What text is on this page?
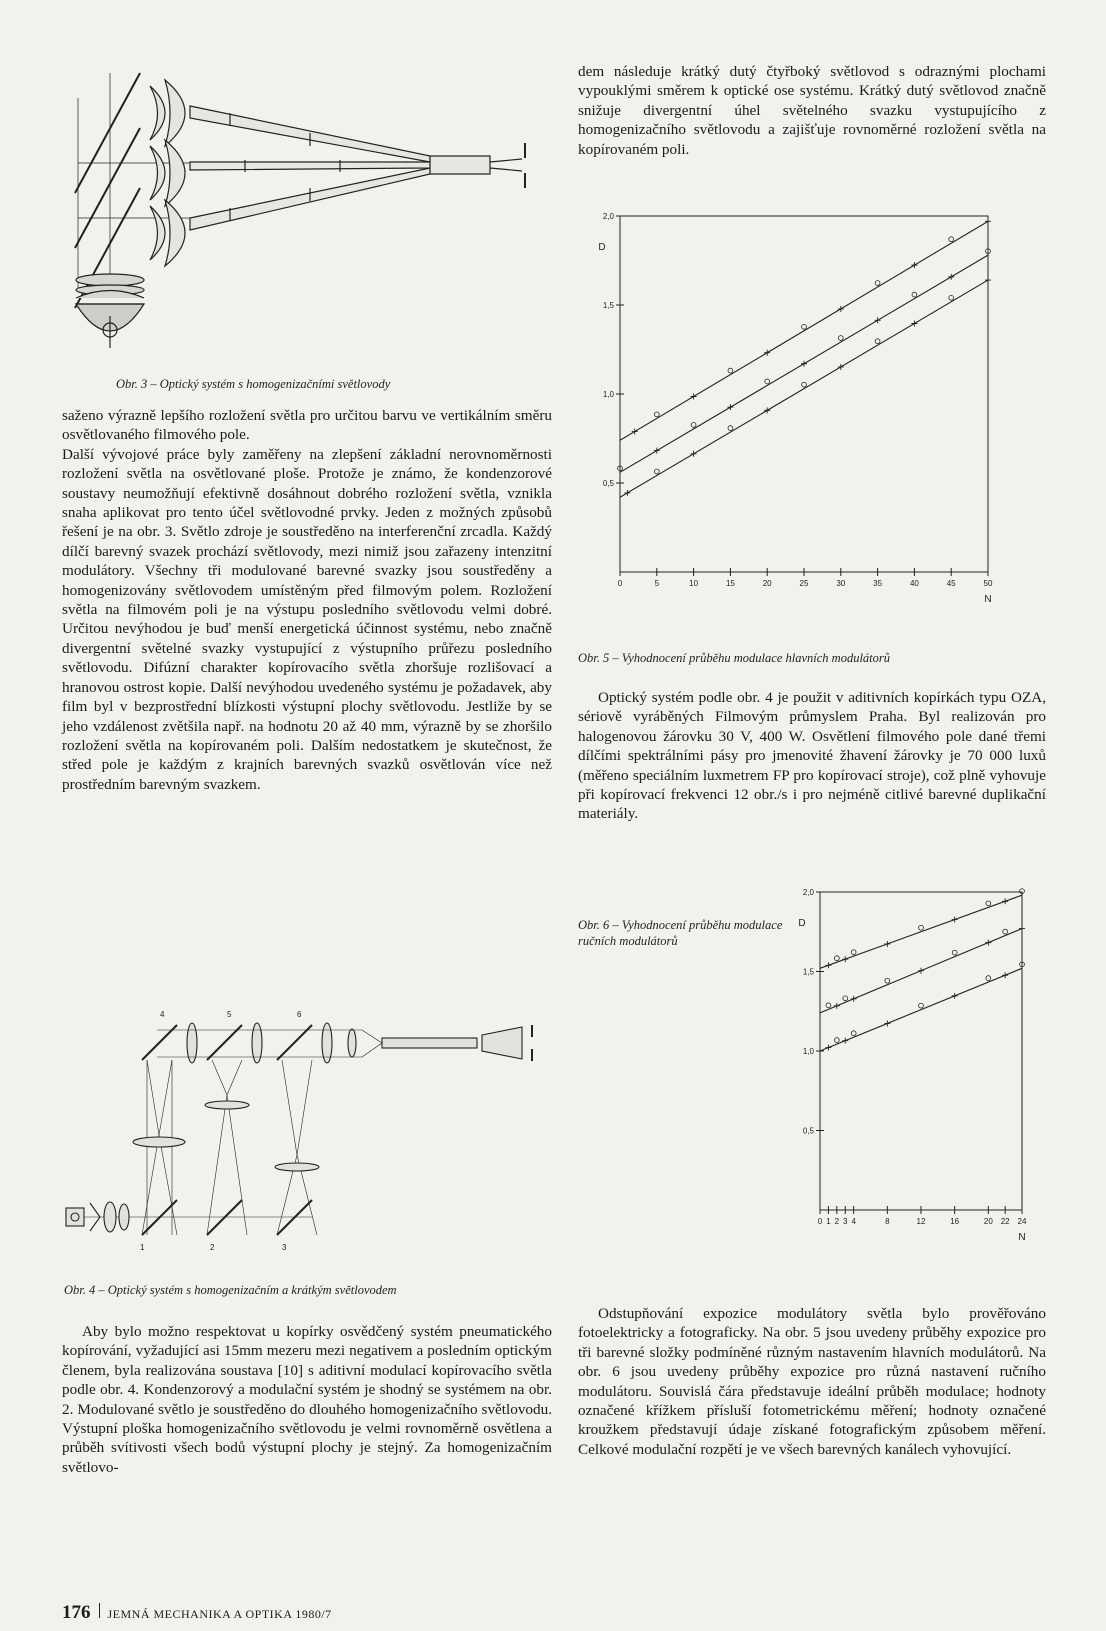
Obr. 3 – Optický systém s homogenizačními světlovody

saženo výrazně lepšího rozložení světla pro určitou barvu ve vertikálním směru osvětlovaného filmového pole.

Další vývojové práce byly zaměřeny na zlepšení základní nerovnoměrnosti rozložení světla na osvětlované ploše. Protože je známo, že kondenzorové soustavy neumožňují efektivně dosáhnout dobrého rozložení světla, vznikla snaha aplikovat pro tento účel světlovodné prvky. Jeden z možných způsobů řešení je na obr. 3. Světlo zdroje je soustředěno na interferenční zrcadla. Každý dílčí barevný svazek prochází světlovody, mezi nimiž jsou zařazeny intenzitní modulátory. Všechny tři modulované barevné svazky jsou soustředěny a homogenizovány světlovodem umístěným před filmovým polem. Rozložení světla na filmovém poli je na výstupu posledního světlovodu velmi dobré. Určitou nevýhodou je buď menší energetická účinnost systému, nebo značně divergentní světelné svazky vystupující z výstupního průřezu posledního světlovodu. Difúzní charakter kopírovacího světla zhoršuje rozlišovací a hranovou ostrost kopie. Další nevýhodou uvedeného systému je požadavek, aby film byl v bezprostřední blízkosti výstupní plochy světlovodu. Jestliže by se jeho vzdálenost zvětšila např. na hodnotu 20 až 40 mm, výrazně by se zhoršilo rozložení světla na kopírovaném poli. Dalším nedostatkem je skutečnost, že střed pole je každým z krajních barevných svazků osvětlován více než prostředním barevným svazkem.

4	5	6
1	2	3
Obr. 4 – Optický systém s homogenizačním a krátkým světlovodem

Aby bylo možno respektovat u kopírky osvědčený systém pneumatického kopírování, vyžadující asi 15mm mezeru mezi negativem a posledním optickým členem, byla realizována soustava [10] s aditivní modulací kopírovacího světla podle obr. 4. Kondenzorový a modulační systém je shodný se systémem na obr. 2. Modulované světlo je soustředěno do dlouhého homogenizačního světlovodu. Výstupní ploška homogenizačního světlovodu je velmi rovnoměrně osvětlena a průběh svítivosti všech bodů výstupní plochy je stejný. Za homogenizačním světlovo-

dem následuje krátký dutý čtyřboký světlovod s odraznými plochami vypouklými směrem k optické ose systému. Krátký dutý světlovod značně snižuje divergentní úhel světelného svazku vystupujícího z homogenizačního světlovodu a zajišťuje rovnoměrné rozložení světla na kopírovaném poli.

0,5
1,0
1,5
2,0
0	5	10	15	20	25	30	35	40	45	50
D
N
Obr. 5 – Vyhodnocení průběhu modulace hlavních modulátorů

Optický systém podle obr. 4 je použit v aditivních kopírkách typu OZA, sériově vyráběných Filmovým průmyslem Praha. Byl realizován pro halogenovou žárovku 30 V, 400 W. Osvětlení filmového pole dané třemi dílčími spektrálními pásy pro jmenovité žhavení žárovky je 70 000 luxů (měřeno speciálním luxmetrem FP pro kopírovací stroje), což plně vyhovuje při kopírovací frekvenci 12 obr./s i pro nejméně citlivé barevné duplikační materiály.

0,5
1,0
1,5
2,0
0 1 2 3 4	8	12	16	20 22 24
D
N
Obr. 6 – Vyhodnocení průběhu modulace ručních modulátorů

Odstupňování expozice modulátory světla bylo prověřováno fotoelektricky a fotograficky. Na obr. 5 jsou uvedeny průběhy expozice pro tři barevné složky podmíněné různým nastavením hlavních modulátorů. Na obr. 6 jsou uvedeny průběhy expozice pro různá nastavení ručního modulátoru. Souvislá čára představuje ideální průběh modulace; hodnoty označené křížkem přísluší fotometrickému měření; hodnoty označené kroužkem představují údaje získané fotografickým způsobem měření. Celkové modulační rozpětí je ve všech barevných kanálech vyhovující.

176 JEMNÁ MECHANIKA A OPTIKA 1980/7
